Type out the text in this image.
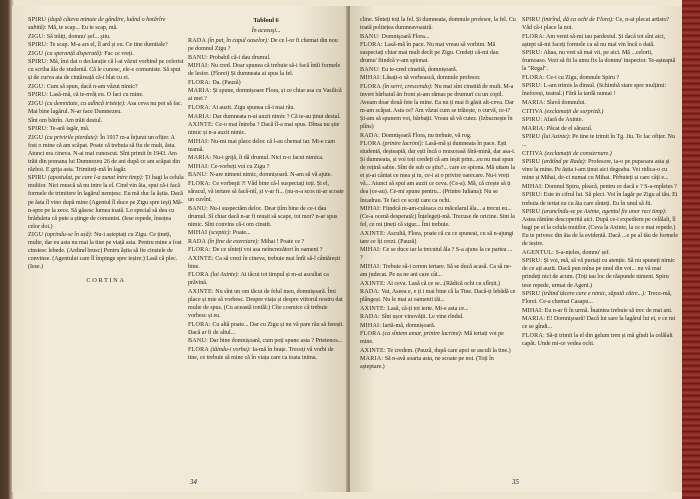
SPIRU (după câteva minute de gândire, luând o hotărîre subită): Mă, te scap... Eu te scap, mă.

ZIGU: Să trăiți, domnu' șef... ştiu.

SPIRU: Te scap. M-a ars el, îl ard și eu. Ce tine dumitale?

ZIGU (cu speranță disperată): Fac ce vreți.

SPIRU: Mă, îmi dai o declarație că l-ai văzut vorbind pe ceferist cu scriba ăla de studentă. Că le cunosc, ele-s comuniste. Să spui și de curva aia de cintăreață că-i blat cu ei.

ZIGU: Cum să spun, dacă n-am văzut nimic?

SPIRU: Lasă-mă, că te-nvăț eu. O faci cu mine.

ZIGU (cu demnitate, cu adîncă tristețe): Asa ceva nu pot să fac. Mai bine lagărul. N-ar face Dumnezeu.

Sînt om bătrîn. Am trăit destul.

SPIRU: Te-ară isgăr, mă.

ZIGU (cu privirile pierdute): În 1917 m-a înjurat un ofițer. A fost o mine că am scăpat. Poate că trebuia să fiu de mult, ăsta. Atunci era cineva. N-ai mai cunoscut. Sînt primit în 1943. Am trăit din pomana lui Dumnezeu 26 de ani după ce am scăpat din război. E grija asta. Trimiteți-mă în lagăr.

SPIRU (apostulat, pe care l-a zunat între timp): Ți bagi la celula multior. Nici muscă să nu intre la el. Cind vin ăia, spui că-i facă formele de trimitere în lagărul nemțesc. Eu mă duc la ăștia. Dacă pe ăsta îl vino după mine (Agentul îl duce pe Zigu spre ieşi) Mă-n-spre pe la zece. Să găsesc lumea toată. Lo special să dea cu brăduleta că pute a știnge de comunist. (Iese repede, însoțea celor doi.)

ZIGU (oprindu-se în ușă): Nu-i așteptați cu Zigu. Ce țineți, multe, dar eu asta nu mai la tine pe viață asta. Pentru mine a fost cinstesc lebede. (Ardind brusc) Pentru ăștia să fie cinstele de convinse. (Agentului care îl împinge spre ieșire:) Lasă că plec. (Iese.)

CORTINA

Tabloul 6

În aceeaşi...

RADA (în pat, în capul oaselor): De ce l-or fi chemat din nou pe domnul Zigu ?

BANU: Probabil că-i dau drumul.

MIHAI: Nu cred. Doar spunea că trebuie să-i facă întîi formele de lesire. (Florei) Și dumneata ai spus la fel.

FLORA: Da. (Pauză)

MARIA: Și spune, domnișoare Flora, și ce chiar asa cu Vasilică ai mei ?

FLORA: Ai auzit. Zigu spunea că-i mai rău.

MARIA: Dar dumneata n-ai auzit nimic ? Că te-au ținut destul.

AXINTE: Ce-o mai întreba ? Dacă îl-a mai spus. Dînsa nu știe nimic și n-a auzit nimic.

MIHAI: Nu-mi mai place deloc că l-au chemat iar. Mi-e cam teamă.

MARIA: Nu-i grijă, îi dă drumul. Nici n-o facut nimica.

MIHAI: Ce-vorbeți voi cu Zigu ?

BANU: N-are nimeni nimic, domnișoară. N-am să vă ajute.

FLORA: Ce vorbeşti ?! Văd bine că-l suspectați toți. Și el, săracul, vă iertare să facă-ntî, și v-ar fi... (nu-n-a scos ni-ar scoate un cuvînt.

BANU: Nu-i suspectăm deloc. Dear țiîm bine de ce-i dau drumul. Sî chiar dacă n-ar fi reușit să scape, tot mor? n-ar spus nimic. Sînt convins că-i om cinstit.

MIHAI (sceptic): Poate...

RADA (în fine de exerciare): Mihai ! Poate ce ?

FLORA: De ce sînteți voi asa neîncrezători în oameni ?

AXINTE: Ca să crezi în cineva, trebuie mai întîi să-l cântărești bine.

FLORA (lui Axinte): Ai tăcut tot timpul și m-ai ascultat ca prăvină.

AXINTE: Nu sînt un om tăcut de felul meu, domnișoară. Îmi place și mie să vorbesc. Despre viața și despre viitorul nostru dat multe de spus. (Cu această tonilă:) Cîte cosmice că trebuie vorbesc și eu.

FLORA: Cu altă poate... Dar cu Zigu și nu vă pare rău să ferești. Dacă ar fi de altul...

BANU: Dar bine domnișoară, cum poți spune asta ? Prietenos...

FLORA (tăindu-i vorba): Ia-mă în brațe. Treceți vă vorbi de tine, ce trebuie să mine că în viața care ca toata inima.

34

cline. Sînteți toți la fel. Și dumneata, domnule profesor, la fel. Cu toată politețea dumneavoastră.

BANU: Domnişoară Flora...

FLORA: Lasă-mă în pace. Nu mai vreau să vorbim. Mă suspectați chiar mai mult decît pe Zigu. Credeți că-mi dau drumu' fiindcă v-am spionat.

BANU: Eu te-cred cinstită, domnișoară.

MIHAI: Lăsați-o să vorbească, domnule profesor.

FLORA (în serri, crescendo): Nu mai sînt cinstită de mult. M-a invert bărbatul ăn front și-am rămas pe drumuri cu un copil. Aveam doar două fete la mine. Ea nu ți mai fi găsit alt-ceva. Dar m-am scăpat. Asta ce? Am văzut cum se trăiește, o curvă, ce-i? Și-am să spunem voi, bărbații. Vreau să vă cutez. (Izbucnește în plîns)

RADA: Domnişoară Flora, nu trebuie, vă rog.

FLORA (printre lacrimi): Lasă-mă și dumneata în pace. Ești studentă, deșteaptă, dar ești încă o musceasă fără-mină, dar asa-i. Și dumneata, și voi toți credeți că am ieșit prim...eu nu mai spun de rețină sabie. Sînt de sub ce ştiu?... care ce spiona. Mă uitam la ei și-ai cântat ce mea și tu, ce-i ai o privire oarecare. Nu-i vreți vă... Atunci să spui am auzit ce ceva. (Ce-a). Mă, că crește să ți dea (ce-au). Ce-mi spune pentru... (Printre Iuliana): Nu se încadrau. Te faci ce scoți care ca ochi.

MIHAI: Fiindcă m-am-culeaca cu măcelarul ăla... a trecut eu... (Ce-a ocenă desperată:) Înțelegeți-mă. Trecuse de oricine. Sint la fel, ce mi țineți că sigur... Îmi trebuie.

AXINTE: Ascultă, Flora, poate că cu ce spuneai, cu să n-ajungi tare ce îți crezi. (Pauză)

MIHAI: Ce se duce iar la trecutul ăla ? S-a ajuns la ce partea ... ?

MIHAI: Trebuie să-i cerem iertare. Să se ducă acasă. Ca să ne-am judecat. Pe ea ne ani care cât...

AXINTE: Ai ceva. Lasă că ce se...(Rădică ochi cu sfîrșit.)

RADA: Vai, Aseea e, e ți i mai bine că la Tine. Dacă-ți lebădă ce plângeși. Nu le mai ai oamenii tăi...

AXINTE: Lasă, că-ți tot ierte. Mi-e asta ce...

RADA: Sînt ușor vinovății. Le vine rîndul.

MIHAI: Iartă-mă, domnișoară.

FLORA (ca sîntem amar, printre lacrimi): Mă iertați voi pe mine.

AXINTE: Te credem. (Pauză, după care apoi se ascult la tine.)

MARIA: Să n-avă soarta asta, ne scoate pe noi. (Toți în așteptare.)

SPIRU (intrînd, dă ca ochi de Flora): Ce, n-ai plecat artisto? Văd că-i place la noi.

FLORA: Am venit să-mi iau pardesiul. Și dacă tot sînt aici, aștept să-mi faceți formele ca să nu mai vin încă o dată.

SPIRU: Ahaa, nu vrei să mai vii, pe aici. Mă ...celorii, frumoaso. Vezi să fii la umu fix la domnu' inspector. Te-așteaptă la "Regal".

FLORA: Ce-i cu Zigu, domnule Spiru ?

SPIRU: L-am trimis la dinsul. (Schimbă stare spre mulțimi: îneforeși, teatral.) Fără la tardă numai !

MARIA: Slavă domnului.

CITIVA (exclamații de surpriză.)

SPIRU: Afară de Axinte.

MARIA: Păcat de el săracul.

SPIRU (lui Axinte): Pe tine te trimit în Tg. Jiu. Te fac ofițer. Nu ...

CITIVA (exclamații de consternare.)

SPIRU (arătînd pe Rada): Profesore, ia-o pe pupsoara asta și vino la mine. Pe ăștia i-am ținut aici degeaba. Vei ridica-o cu mine și Mihai, de-ci numai cu Mihai. Pîrbuieți și care câți e...

MIHAI: Domnul Spiru, pleacă, pentru ce dacă e ? S-a-mpletes ?

SPIRU: Este in cifrul lui. Să pleci. Voi în lagăr pe Zigu al tău. Ei trebuia de iertat eu cu ăia care sînteți. Eu în unul să fii.

SPIRU (aruncîndu-se pe Axinte, agentul fie unor reci timp): Astea rămîne descoperită aici. După ce-i expediem pe celălalt, îl bagi pe ei la celula mutilor. (Ceva la Axinte, la ce e mai repede.) Eu te privesc din ăia de la evidentă. Dacă ...e pe al tău de formele de ieșire.

AGENTUL: S-a-nțeles, domnu' șef.

SPIRU: Și voi, mă, să vă purtați cu atenție. Să nu spuneți nimic de ce ați auzit. Dacă pun mîna pe unul din voi... nu vă mai prindeți nici de acum. (Toți iau loc de răspunde nimeni. Spiru iese repede, urmat de Agent.)

SPIRU (trăind tăcere care e nimic, săpată către...): Trece-mă, Florei. Ce-a chemat Casapu...

MIHAI: Eu n-ar fi în urmă. Înaintea trebuie să trec de mai ani.

MARIA: E! Domnişoară! Dacă lui sare la lagărul lui ei, e ce mi ce se gîndi...

FLORA: Să-ți trimit la el din gelum tren și mă gîndi la celălalt capăt. Unde mi-ce vedea ochi.

35
